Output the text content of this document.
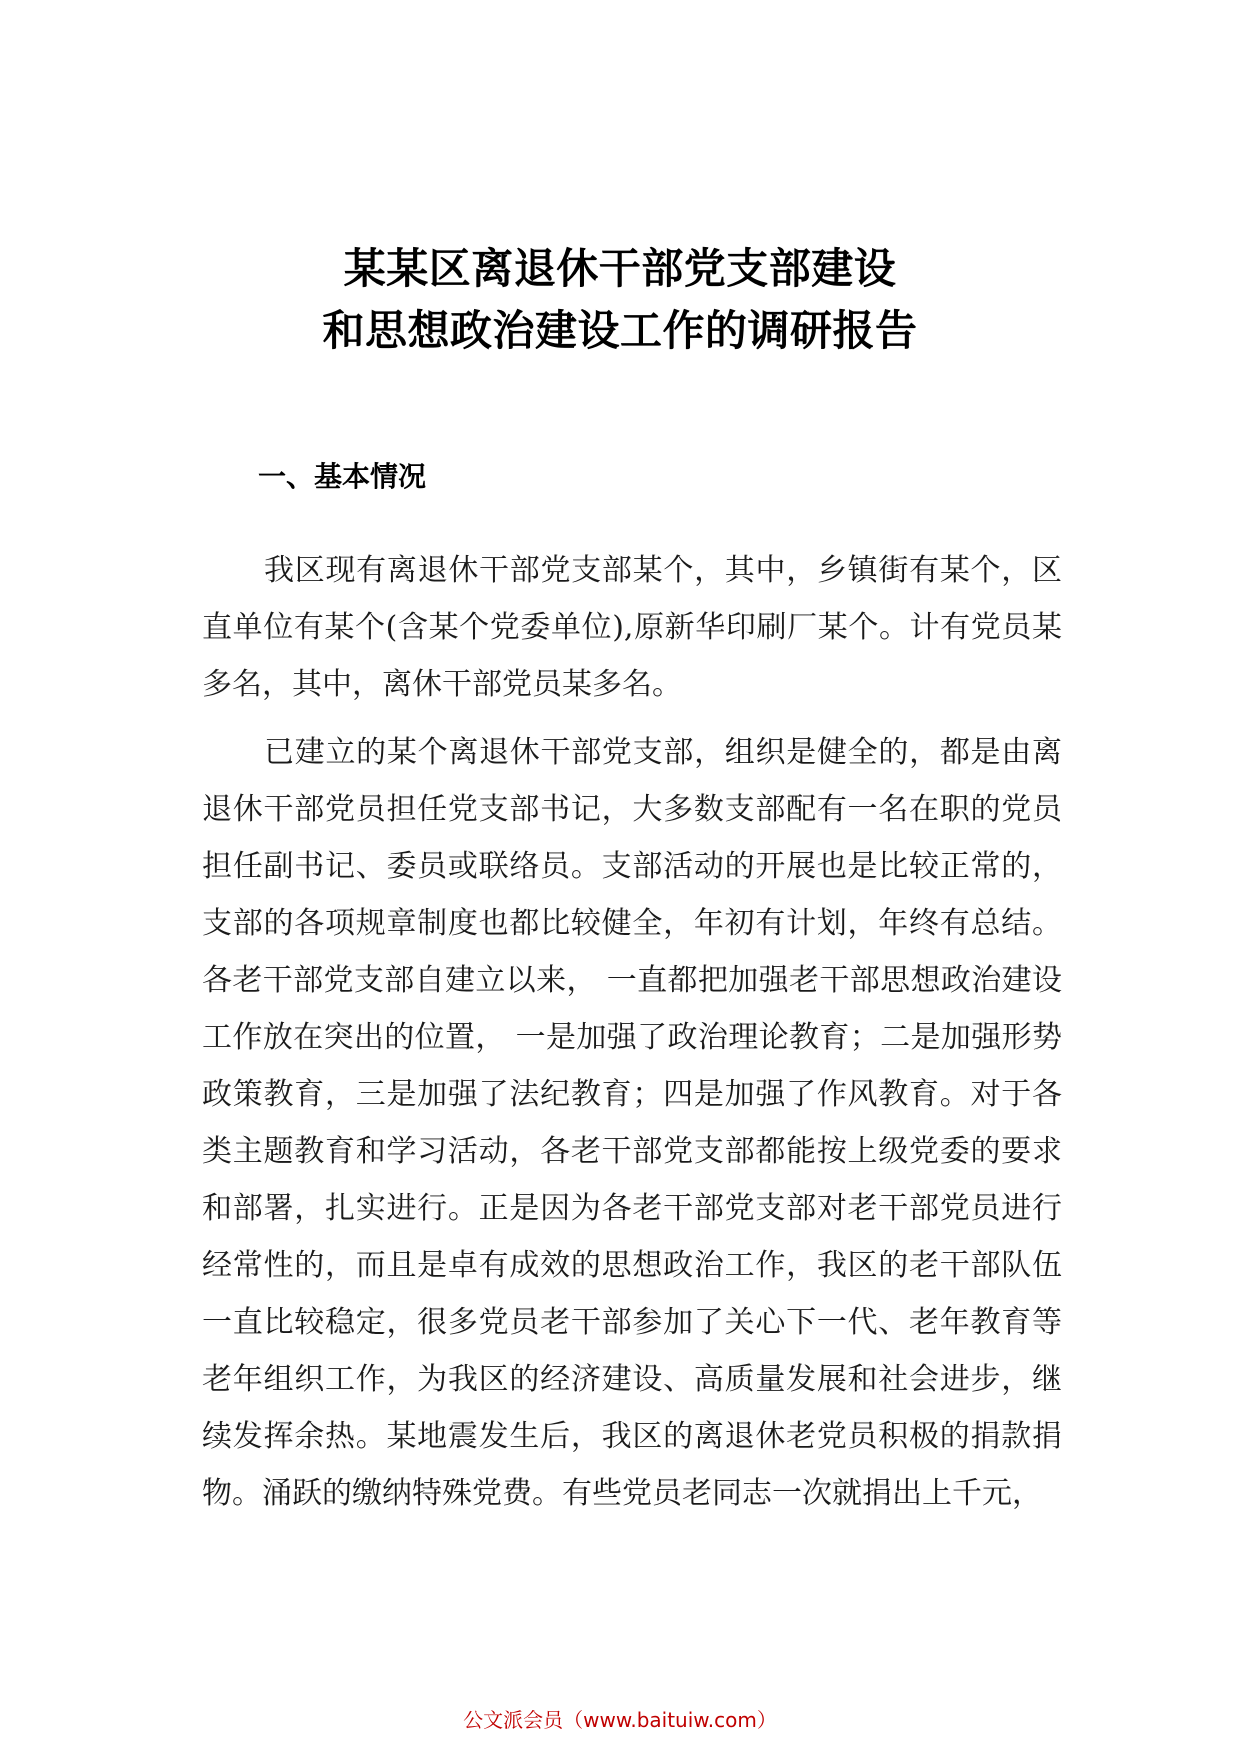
某某区离退休干部党支部建设
和思想政治建设工作的调研报告
一、基本情况

我区现有离退休干部党支部某个，其中，乡镇街有某个，区直单位有某个(含某个党委单位),原新华印刷厂某个。计有党员某多名，其中，离休干部党员某多名。

已建立的某个离退休干部党支部，组织是健全的，都是由离退休干部党员担任党支部书记，大多数支部配有一名在职的党员担任副书记、委员或联络员。支部活动的开展也是比较正常的，支部的各项规章制度也都比较健全，年初有计划，年终有总结。各老干部党支部自建立以来， 一直都把加强老干部思想政治建设工作放在突出的位置， 一是加强了政治理论教育；二是加强形势政策教育，三是加强了法纪教育；四是加强了作风教育。对于各类主题教育和学习活动，各老干部党支部都能按上级党委的要求和部署，扎实进行。正是因为各老干部党支部对老干部党员进行经常性的，而且是卓有成效的思想政治工作，我区的老干部队伍一直比较稳定，很多党员老干部参加了关心下一代、老年教育等老年组织工作，为我区的经济建设、高质量发展和社会进步，继续发挥余热。某地震发生后，我区的离退休老党员积极的捐款捐物。涌跃的缴纳特殊党费。有些党员老同志一次就捐出上千元，

公文派会员（www.baituiw.com）
